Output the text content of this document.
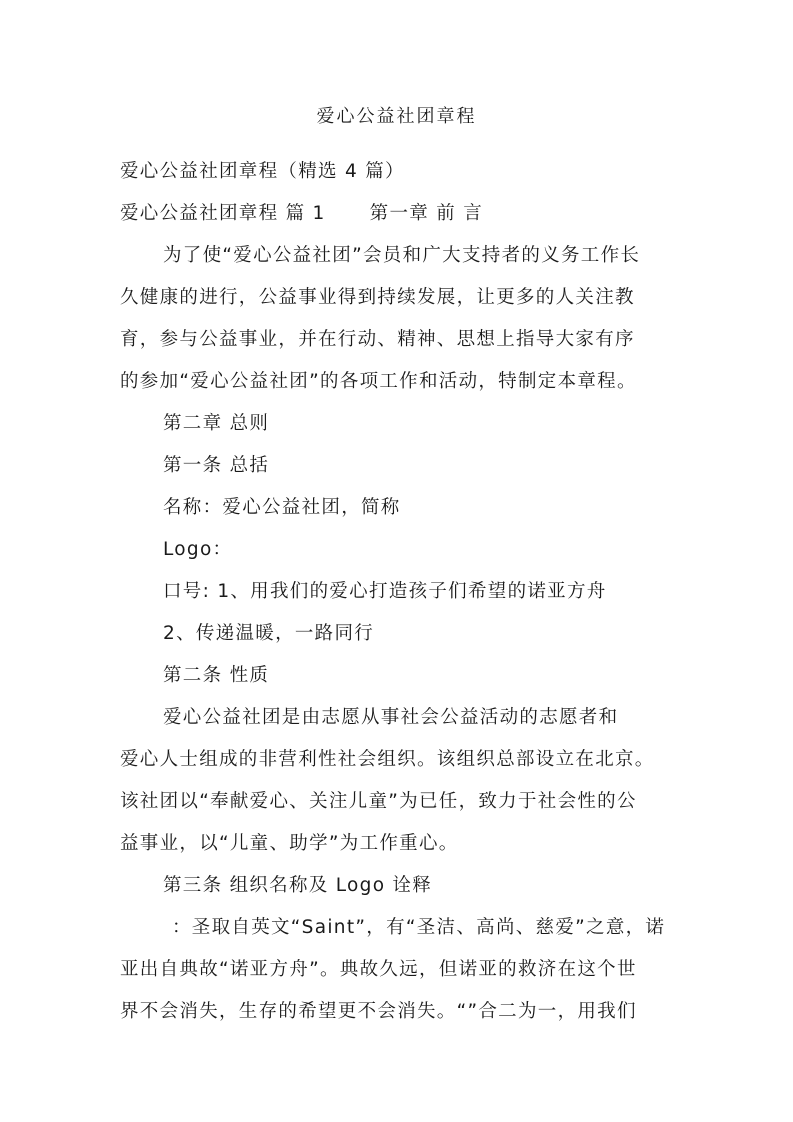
爱心公益社团章程
爱心公益社团章程（精选 4 篇）
爱心公益社团章程 篇 1 第一章 前 言
为了使“爱心公益社团”会员和广大支持者的义务工作长
久健康的进行，公益事业得到持续发展，让更多的人关注教
育，参与公益事业，并在行动、精神、思想上指导大家有序
的参加“爱心公益社团”的各项工作和活动，特制定本章程。
第二章 总则
第一条 总括
名称：爱心公益社团，简称
Logo：
口号: 1、用我们的爱心打造孩子们希望的诺亚方舟
2、传递温暖，一路同行
第二条 性质
爱心公益社团是由志愿从事社会公益活动的志愿者和
爱心人士组成的非营利性社会组织。该组织总部设立在北京。
该社团以“奉献爱心、关注儿童”为已任，致力于社会性的公
益事业，以“儿童、助学”为工作重心。
第三条 组织名称及 Logo 诠释
：圣取自英文“Saint”，有“圣洁、高尚、慈爱”之意，诺
亚出自典故“诺亚方舟”。典故久远，但诺亚的救济在这个世
界不会消失，生存的希望更不会消失。“”合二为一，用我们
